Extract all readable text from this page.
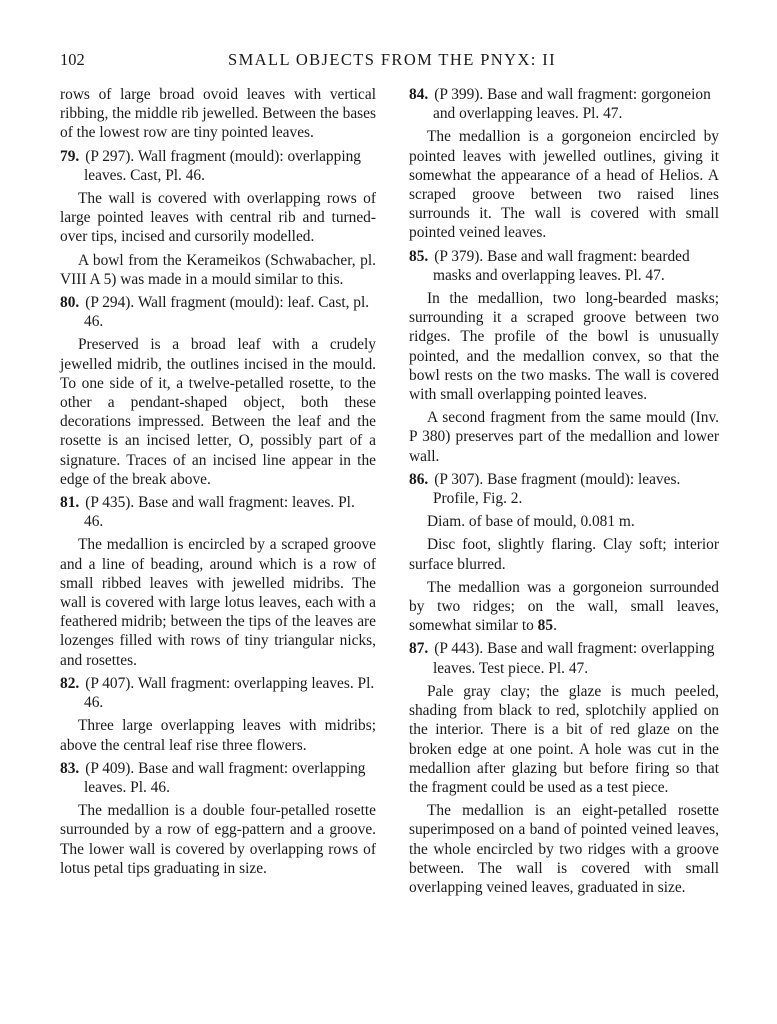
102	SMALL OBJECTS FROM THE PNYX: II

rows of large broad ovoid leaves with vertical ribbing, the middle rib jewelled. Between the bases of the lowest row are tiny pointed leaves.

79. (P 297). Wall fragment (mould): overlapping leaves. Cast, Pl. 46.

The wall is covered with overlapping rows of large pointed leaves with central rib and turned-over tips, incised and cursorily modelled.

A bowl from the Kerameikos (Schwabacher, pl. VIII A 5) was made in a mould similar to this.

80. (P 294). Wall fragment (mould): leaf. Cast, pl. 46.

Preserved is a broad leaf with a crudely jewelled midrib, the outlines incised in the mould. To one side of it, a twelve-petalled rosette, to the other a pendant-shaped object, both these decorations impressed. Between the leaf and the rosette is an incised letter, O, possibly part of a signature. Traces of an incised line appear in the edge of the break above.

81. (P 435). Base and wall fragment: leaves. Pl. 46.

The medallion is encircled by a scraped groove and a line of beading, around which is a row of small ribbed leaves with jewelled midribs. The wall is covered with large lotus leaves, each with a feathered midrib; between the tips of the leaves are lozenges filled with rows of tiny triangular nicks, and rosettes.

82. (P 407). Wall fragment: overlapping leaves. Pl. 46.

Three large overlapping leaves with midribs; above the central leaf rise three flowers.

83. (P 409). Base and wall fragment: overlapping leaves. Pl. 46.

The medallion is a double four-petalled rosette surrounded by a row of egg-pattern and a groove. The lower wall is covered by overlapping rows of lotus petal tips graduating in size.

84. (P 399). Base and wall fragment: gorgoneion and overlapping leaves. Pl. 47.

The medallion is a gorgoneion encircled by pointed leaves with jewelled outlines, giving it somewhat the appearance of a head of Helios. A scraped groove between two raised lines surrounds it. The wall is covered with small pointed veined leaves.

85. (P 379). Base and wall fragment: bearded masks and overlapping leaves. Pl. 47.

In the medallion, two long-bearded masks; surrounding it a scraped groove between two ridges. The profile of the bowl is unusually pointed, and the medallion convex, so that the bowl rests on the two masks. The wall is covered with small overlapping pointed leaves.

A second fragment from the same mould (Inv. P 380) preserves part of the medallion and lower wall.

86. (P 307). Base fragment (mould): leaves. Profile, Fig. 2.

Diam. of base of mould, 0.081 m.

Disc foot, slightly flaring. Clay soft; interior surface blurred.

The medallion was a gorgoneion surrounded by two ridges; on the wall, small leaves, somewhat similar to 85.

87. (P 443). Base and wall fragment: overlapping leaves. Test piece. Pl. 47.

Pale gray clay; the glaze is much peeled, shading from black to red, splotchily applied on the interior. There is a bit of red glaze on the broken edge at one point. A hole was cut in the medallion after glazing but before firing so that the fragment could be used as a test piece.

The medallion is an eight-petalled rosette superimposed on a band of pointed veined leaves, the whole encircled by two ridges with a groove between. The wall is covered with small overlapping veined leaves, graduated in size.
